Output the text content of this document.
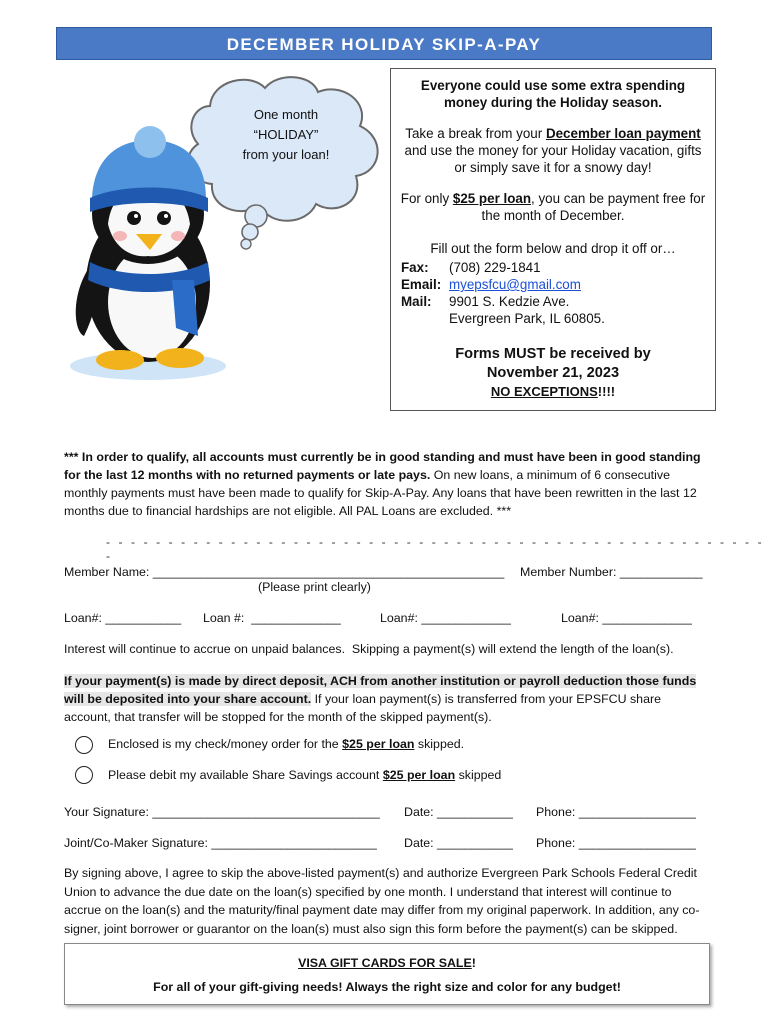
DECEMBER HOLIDAY SKIP-A-PAY
One month
“HOLIDAY”
from your loan!

Everyone could use some extra spending money during the Holiday season.

Take a break from your December loan payment and use the money for your Holiday vacation, gifts or simply save it for a snowy day!

For only $25 per loan, you can be payment free for the month of December.

Fill out the form below and drop it off or…

Fax:	(708) 229-1841
Email: myepsfcu@gmail.com
Mail:	9901 S. Kedzie Ave.
Evergreen Park, IL 60805.
Forms MUST be received by
November 21, 2023
NO EXCEPTIONS!!!!
*** In order to qualify, all accounts must currently be in good standing and must have been in good standing for the last 12 months with no returned payments or late pays. On new loans, a minimum of 6 consecutive monthly payments must have been made to qualify for Skip-A-Pay. Any loans that have been rewritten in the last 12 months due to financial hardships are not eligible. All PAL Loans are excluded. ***
- - - - - - - - - - - - - - - - - - - - - - - - - - - - - - - - - - - - - - - - - - - - - - - - - - - - - -
Member Name: ___________________________________________________ Member Number: ____________
(Please print clearly)
Loan#: ___________ Loan #:  _____________	Loan#: _____________	Loan#: _____________
Interest will continue to accrue on unpaid balances.  Skipping a payment(s) will extend the length of the loan(s).
If your payment(s) is made by direct deposit, ACH from another institution or payroll deduction those funds will be deposited into your share account. If your loan payment(s) is transferred from your EPSFCU share account, that transfer will be stopped for the month of the skipped payment(s).
Enclosed is my check/money order for the $25 per loan skipped.
Please debit my available Share Savings account $25 per loan skipped
Your Signature: _________________________________ Date: ___________ Phone: _________________
Joint/Co-Maker Signature: ________________________ Date: ___________ Phone: _________________
By signing above, I agree to skip the above-listed payment(s) and authorize Evergreen Park Schools Federal Credit Union to advance the due date on the loan(s) specified by one month. I understand that interest will continue to accrue on the loan(s) and the maturity/final payment date may differ from my original paperwork. In addition, any co-signer, joint borrower or guarantor on the loan(s) must also sign this form before the payment(s) can be skipped.
VISA GIFT CARDS FOR SALE!
For all of your gift-giving needs! Always the right size and color for any budget!
